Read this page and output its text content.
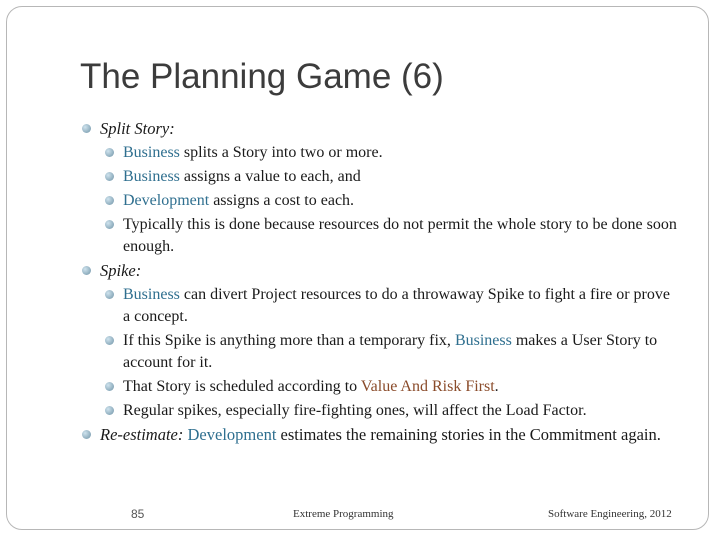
The Planning Game (6)
Split Story:
Business splits a Story into two or more.
Business assigns a value to each, and
Development assigns a cost to each.
Typically this is done because resources do not permit the whole story to be done soon enough.
Spike:
Business can divert Project resources to do a throwaway Spike to fight a fire or prove a concept.
If this Spike is anything more than a temporary fix, Business makes a User Story to account for it.
That Story is scheduled according to Value And Risk First.
Regular spikes, especially fire-fighting ones, will affect the Load Factor.
Re-estimate: Development estimates the remaining stories in the Commitment again.
85	Extreme Programming	Software Engineering, 2012
